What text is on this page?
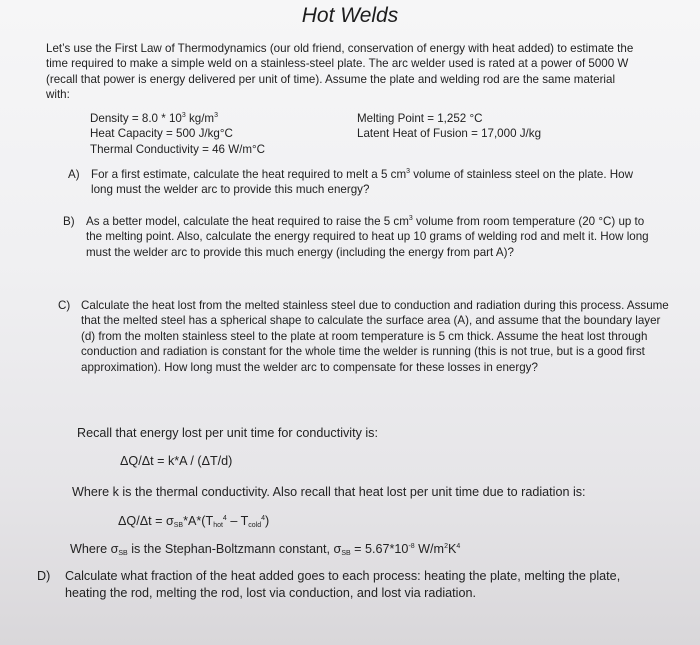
Hot Welds
Let’s use the First Law of Thermodynamics (our old friend, conservation of energy with heat added) to estimate the time required to make a simple weld on a stainless-steel plate. The arc welder used is rated at a power of 5000 W (recall that power is energy delivered per unit of time). Assume the plate and welding rod are the same material with:
Density = $8.0 * 10^3$ $kg/m^3$
Heat Capacity = 500 J/kg°C
Thermal Conductivity = 46 W/m°C
Melting Point = 1,252 °C
Latent Heat of Fusion = 17,000 J/kg
A) For a first estimate, calculate the heat required to melt a 5 $cm^3$ volume of stainless steel on the plate. How long must the welder arc to provide this much energy?
B) As a better model, calculate the heat required to raise the 5 $cm^3$ volume from room temperature (20 °C) up to the melting point. Also, calculate the energy required to heat up 10 grams of welding rod and melt it. How long must the welder arc to provide this much energy (including the energy from part A)?
C) Calculate the heat lost from the melted stainless steel due to conduction and radiation during this process. Assume that the melted steel has a spherical shape to calculate the surface area (A), and assume that the boundary layer (d) from the molten stainless steel to the plate at room temperature is 5 cm thick. Assume the heat lost through conduction and radiation is constant for the whole time the welder is running (this is not true, but is a good first approximation). How long must the welder arc to compensate for these losses in energy?
Recall that energy lost per unit time for conductivity is:
ΔQ/Δt = k*A / (ΔT/d)
Where k is the thermal conductivity. Also recall that heat lost per unit time due to radiation is:
$\Delta Q/\Delta t = \sigma_{SB}*A*(T_{hot}^4 - T_{cold}^4)$
Where $\sigma_{SB}$ is the Stephan-Boltzmann constant, $\sigma_{SB} = 5.67*10^{-8}$ $W/m^2K^4$
D) Calculate what fraction of the heat added goes to each process: heating the plate, melting the plate, heating the rod, melting the rod, lost via conduction, and lost via radiation.
